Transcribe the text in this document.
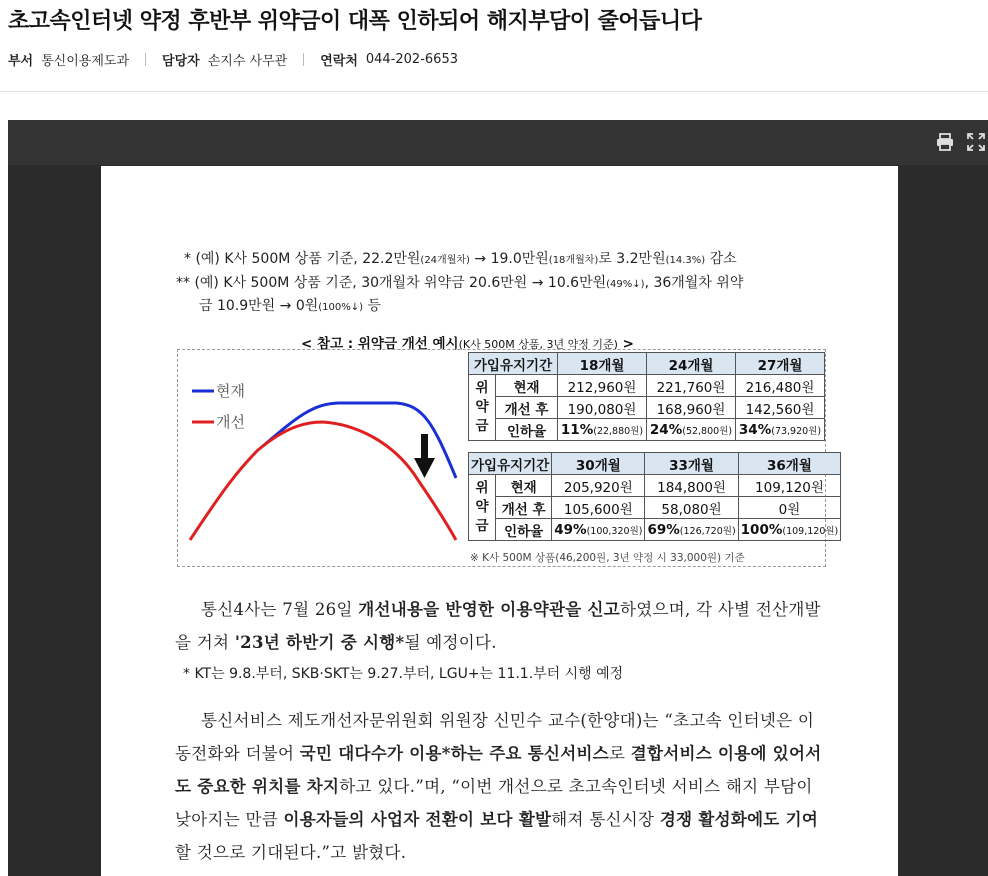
초고속인터넷 약정 후반부 위약금이 대폭 인하되어 해지부담이 줄어듭니다
부서 통신이용제도과	담당자 손지수 사무관	연락처 044-202-6653
* (예) K사 500M 상품 기준, 22.2만원(24개월차) → 19.0만원(18개월차)로 3.2만원(14.3%) 감소
** (예) K사 500M 상품 기준, 30개월차 위약금 20.6만원 → 10.6만원(49%↓), 36개월차 위약
금 10.9만원 → 0원(100%↓) 등
< 참고 : 위약금 개선 예시(K사 500M 상품, 3년 약정 기준) >
현재
개선
가입유지기간		18개월	24개월	27개월
위
약
금	현재	212,960원	221,760원	216,480원
	개선 후	190,080원	168,960원	142,560원
	인하율	11%(22,880원)	24%(52,800원)	34%(73,920원)
가입유지기간		30개월	33개월	36개월
위
약
금	현재	205,920원	184,800원	109,120원
	개선 후	105,600원	58,080원	0원
	인하율	49%(100,320원)	69%(126,720원)	100%(109,120원)
※ K사 500M 상품(46,200원, 3년 약정 시 33,000원) 기준
통신4사는 7월 26일 개선내용을 반영한 이용약관을 신고하였으며, 각 사별 전산개발을 거쳐 '23년 하반기 중 시행*될 예정이다.
* KT는 9.8.부터, SKB·SKT는 9.27.부터, LGU+는 11.1.부터 시행 예정
통신서비스 제도개선자문위원회 위원장 신민수 교수(한양대)는 “초고속 인터넷은 이동전화와 더불어 국민 대다수가 이용*하는 주요 통신서비스로 결합서비스 이용에 있어서도 중요한 위치를 차지하고 있다.”며, “이번 개선으로 초고속인터넷 서비스 해지 부담이 낮아지는 만큼 이용자들의 사업자 전환이 보다 활발해져 통신시장 경쟁 활성화에도 기여할 것으로 기대된다.”고 밝혔다.
